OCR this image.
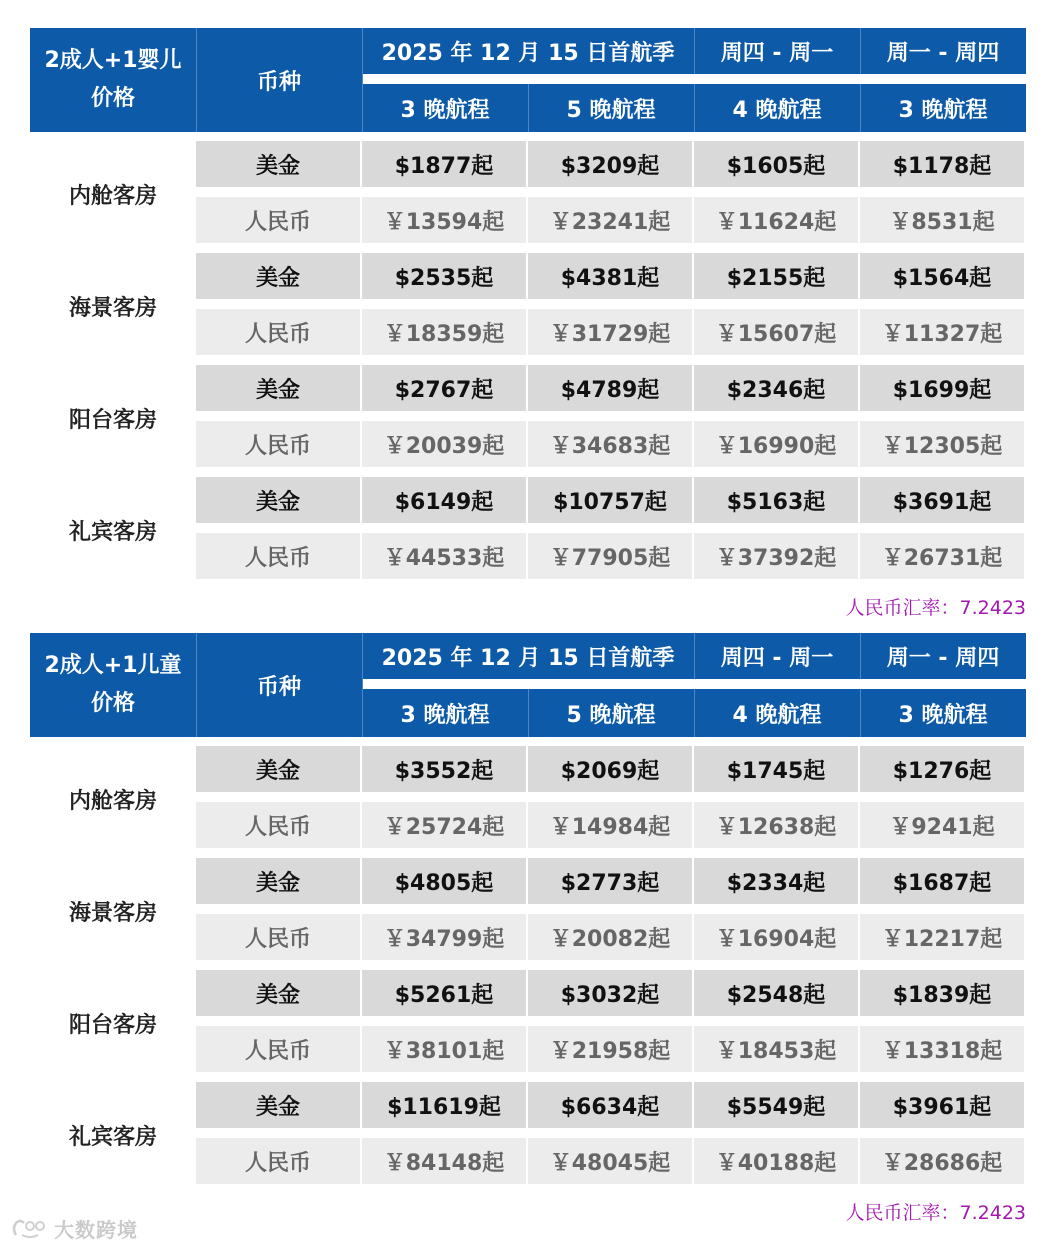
2成人+1婴儿
价格
币种
2025 年 12 月 15 日首航季	周四 - 周一	周一 - 周四
3 晚航程	5 晚航程	4 晚航程	3 晚航程
内舱客房
美金	$1877起	$3209起	$1605起	$1178起
人民币	￥13594起	￥23241起	￥11624起	￥8531起
海景客房
美金	$2535起	$4381起	$2155起	$1564起
人民币	￥18359起	￥31729起	￥15607起	￥11327起
阳台客房
美金	$2767起	$4789起	$2346起	$1699起
人民币	￥20039起	￥34683起	￥16990起	￥12305起
礼宾客房
美金	$6149起	$10757起	$5163起	$3691起
人民币	￥44533起	￥77905起	￥37392起	￥26731起
人民币汇率：7.2423
2成人+1儿童
价格
币种
2025 年 12 月 15 日首航季	周四 - 周一	周一 - 周四
3 晚航程	5 晚航程	4 晚航程	3 晚航程
内舱客房
美金	$3552起	$2069起	$1745起	$1276起
人民币	￥25724起	￥14984起	￥12638起	￥9241起
海景客房
美金	$4805起	$2773起	$2334起	$1687起
人民币	￥34799起	￥20082起	￥16904起	￥12217起
阳台客房
美金	$5261起	$3032起	$2548起	$1839起
人民币	￥38101起	￥21958起	￥18453起	￥13318起
礼宾客房
美金	$11619起	$6634起	$5549起	$3961起
人民币	￥84148起	￥48045起	￥40188起	￥28686起
人民币汇率：7.2423
大数跨境
